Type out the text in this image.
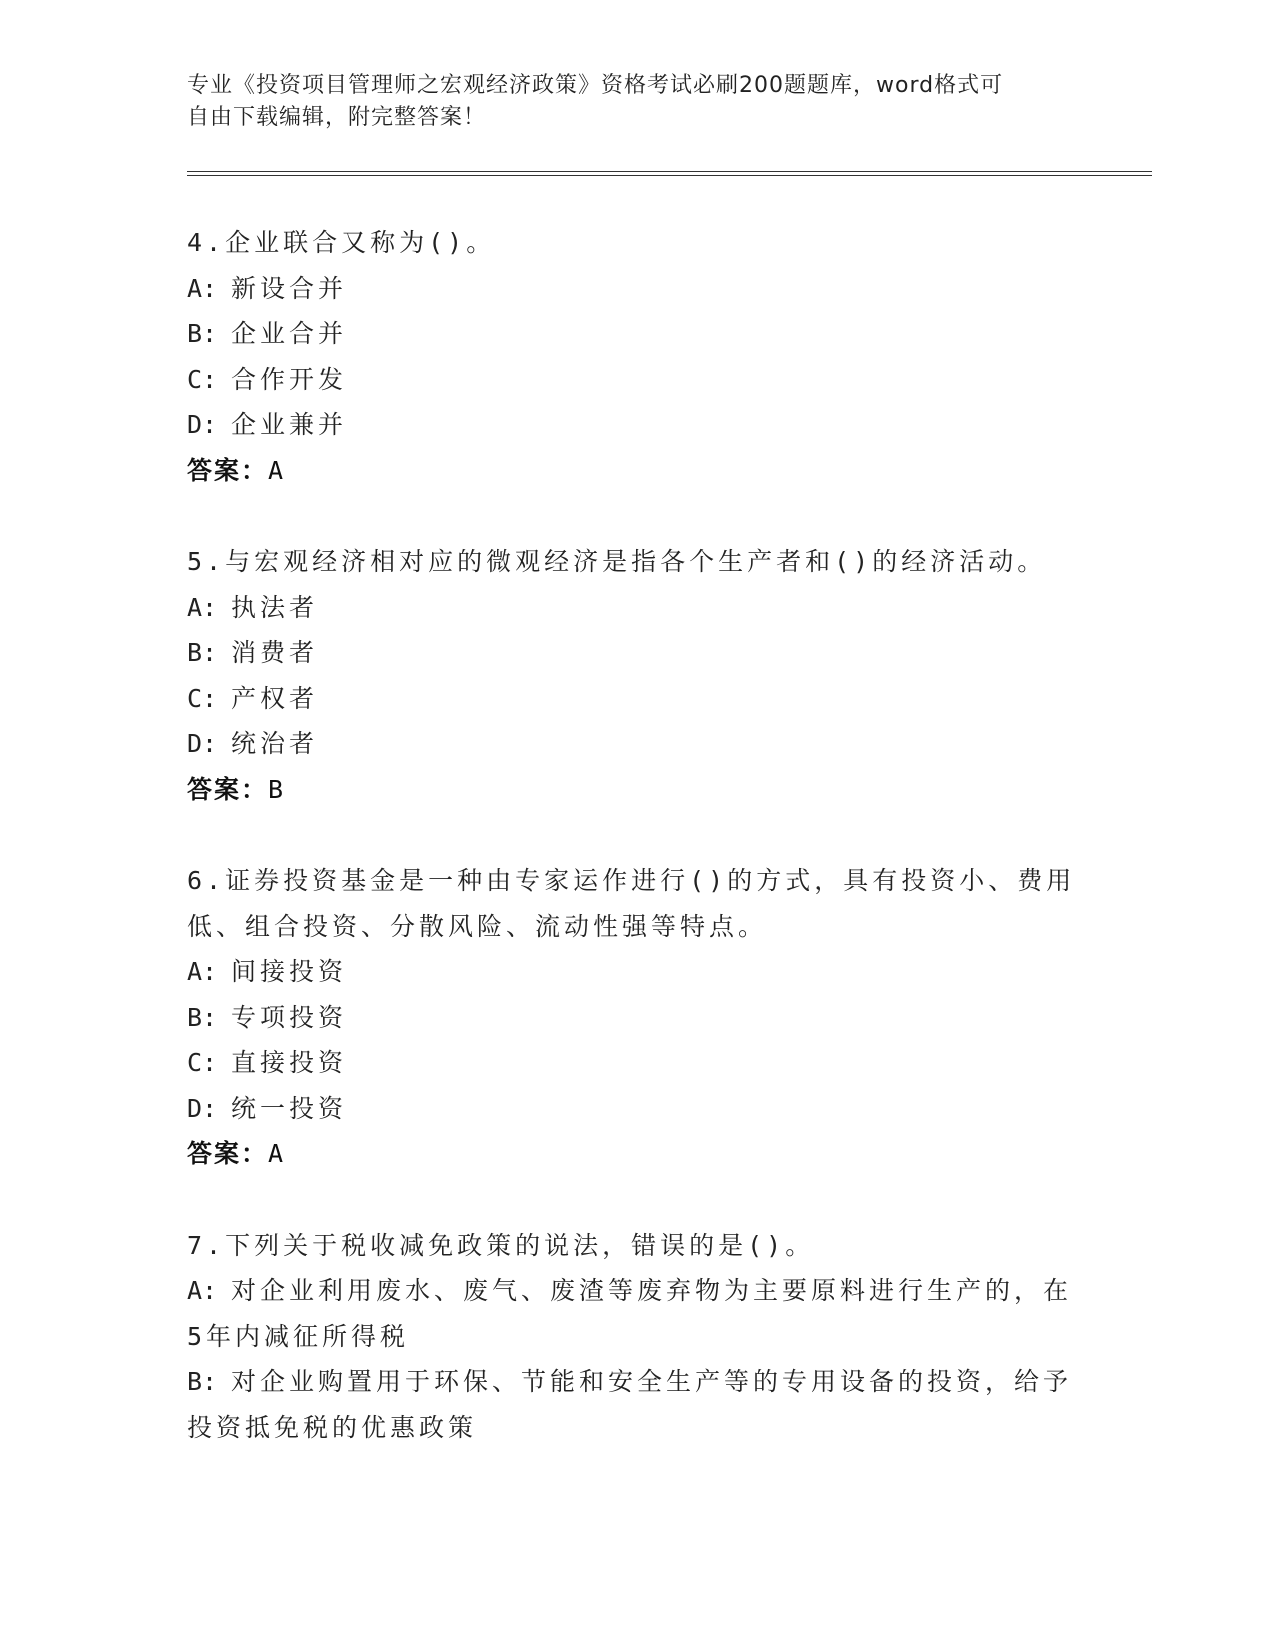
专业《投资项目管理师之宏观经济政策》资格考试必刷200题题库，word格式可
自由下载编辑，附完整答案！
4.企业联合又称为()。
A: 新设合并
B: 企业合并
C: 合作开发
D: 企业兼并
答案：A
5.与宏观经济相对应的微观经济是指各个生产者和()的经济活动。
A: 执法者
B: 消费者
C: 产权者
D: 统治者
答案：B
6.证券投资基金是一种由专家运作进行()的方式，具有投资小、费用低、组合投资、分散风险、流动性强等特点。
A: 间接投资
B: 专项投资
C: 直接投资
D: 统一投资
答案：A
7.下列关于税收减免政策的说法，错误的是()。
A: 对企业利用废水、废气、废渣等废弃物为主要原料进行生产的，在5年内减征所得税
B: 对企业购置用于环保、节能和安全生产等的专用设备的投资，给予投资抵免税的优惠政策
